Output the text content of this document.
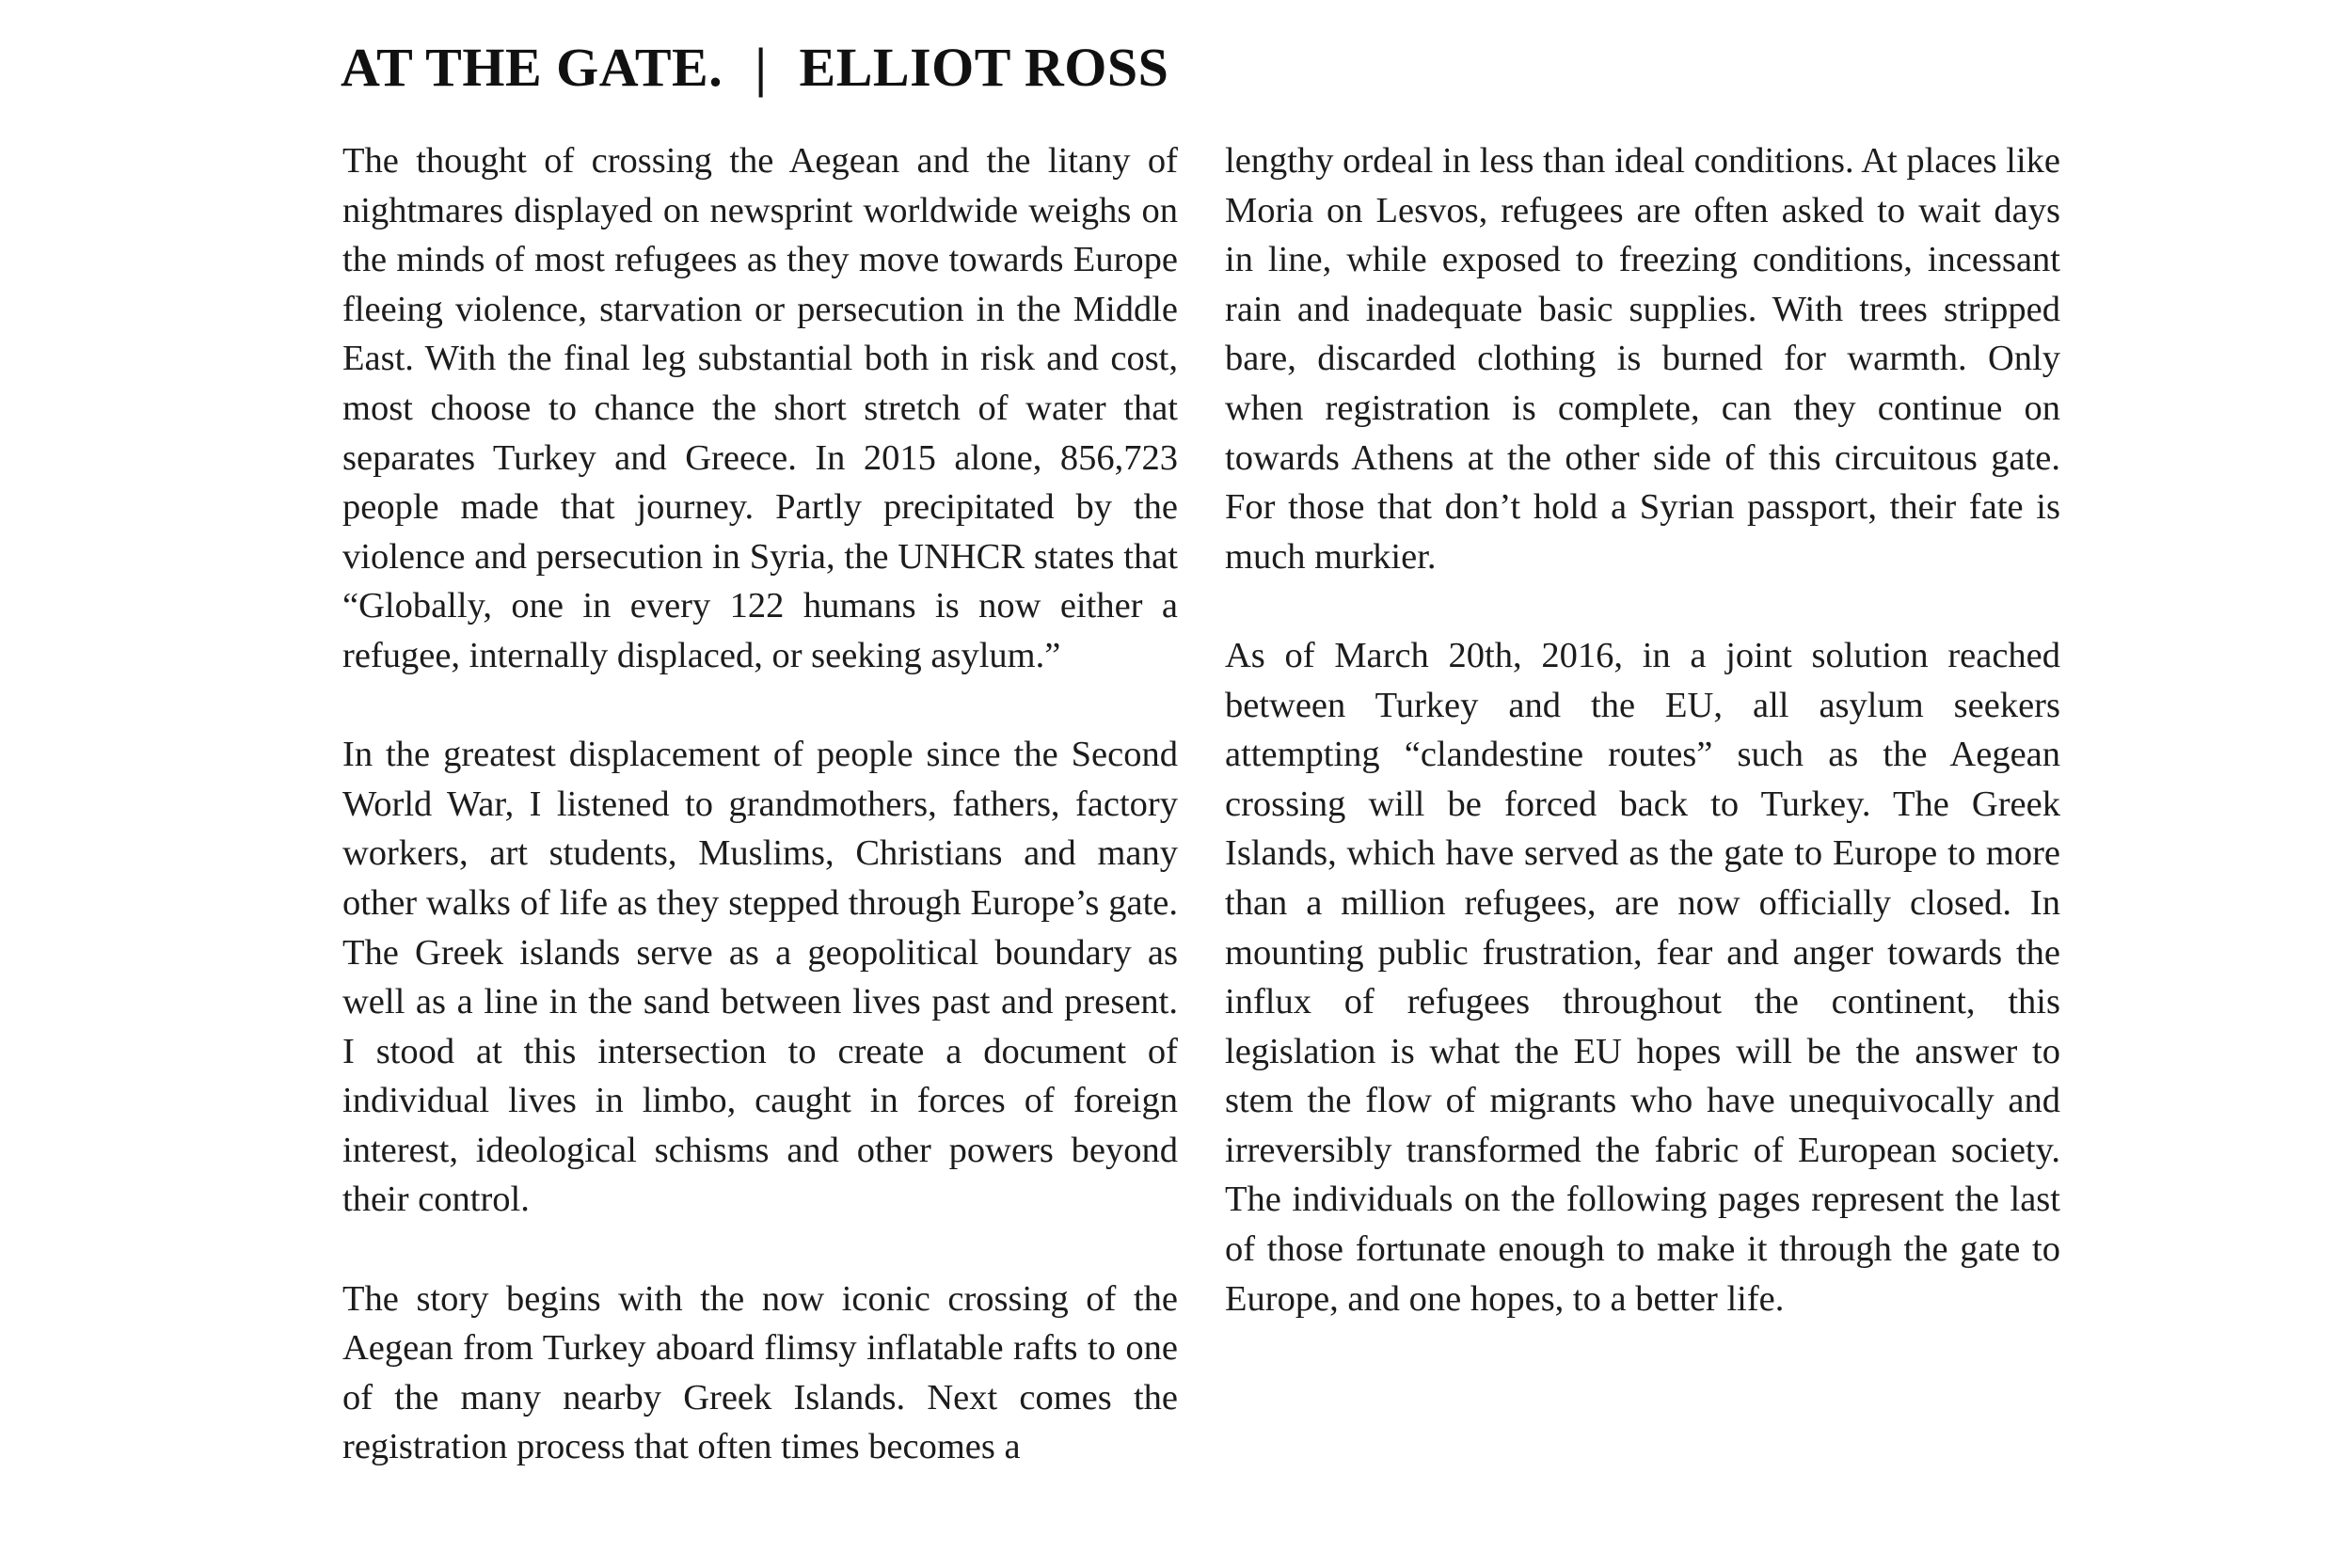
AT THE GATE. | ELLIOT ROSS

The thought of crossing the Aegean and the litany of nightmares displayed on newsprint worldwide weighs on the minds of most refugees as they move towards Europe fleeing violence, starvation or persecution in the Middle East. With the final leg substantial both in risk and cost, most choose to chance the short stretch of water that separates Turkey and Greece. In 2015 alone, 856,723 people made that journey. Partly precipitated by the violence and persecution in Syria, the UNHCR states that “Globally, one in every 122 humans is now either a refugee, internally displaced, or seeking asylum.”

In the greatest displacement of people since the Second World War, I listened to grandmothers, fathers, factory workers, art students, Muslims, Christians and many other walks of life as they stepped through Europe’s gate. The Greek islands serve as a geopolitical boundary as well as a line in the sand between lives past and present. I stood at this intersection to create a document of individual lives in limbo, caught in forces of foreign interest, ideological schisms and other powers beyond their control.

The story begins with the now iconic crossing of the Aegean from Turkey aboard flimsy inflatable rafts to one of the many nearby Greek Islands. Next comes the registration process that often times becomes a

lengthy ordeal in less than ideal conditions. At places like Moria on Lesvos, refugees are often asked to wait days in line, while exposed to freezing conditions, incessant rain and inadequate basic supplies. With trees stripped bare, discarded clothing is burned for warmth. Only when registration is complete, can they continue on towards Athens at the other side of this circuitous gate. For those that don’t hold a Syrian passport, their fate is much murkier.

As of March 20th, 2016, in a joint solution reached between Turkey and the EU, all asylum seekers attempting “clandestine routes” such as the Aegean crossing will be forced back to Turkey. The Greek Islands, which have served as the gate to Europe to more than a million refugees, are now officially closed. In mounting public frustration, fear and anger towards the influx of refugees throughout the continent, this legislation is what the EU hopes will be the answer to stem the flow of migrants who have unequivocally and irreversibly transformed the fabric of European society. The individuals on the following pages represent the last of those fortunate enough to make it through the gate to Europe, and one hopes, to a better life.
